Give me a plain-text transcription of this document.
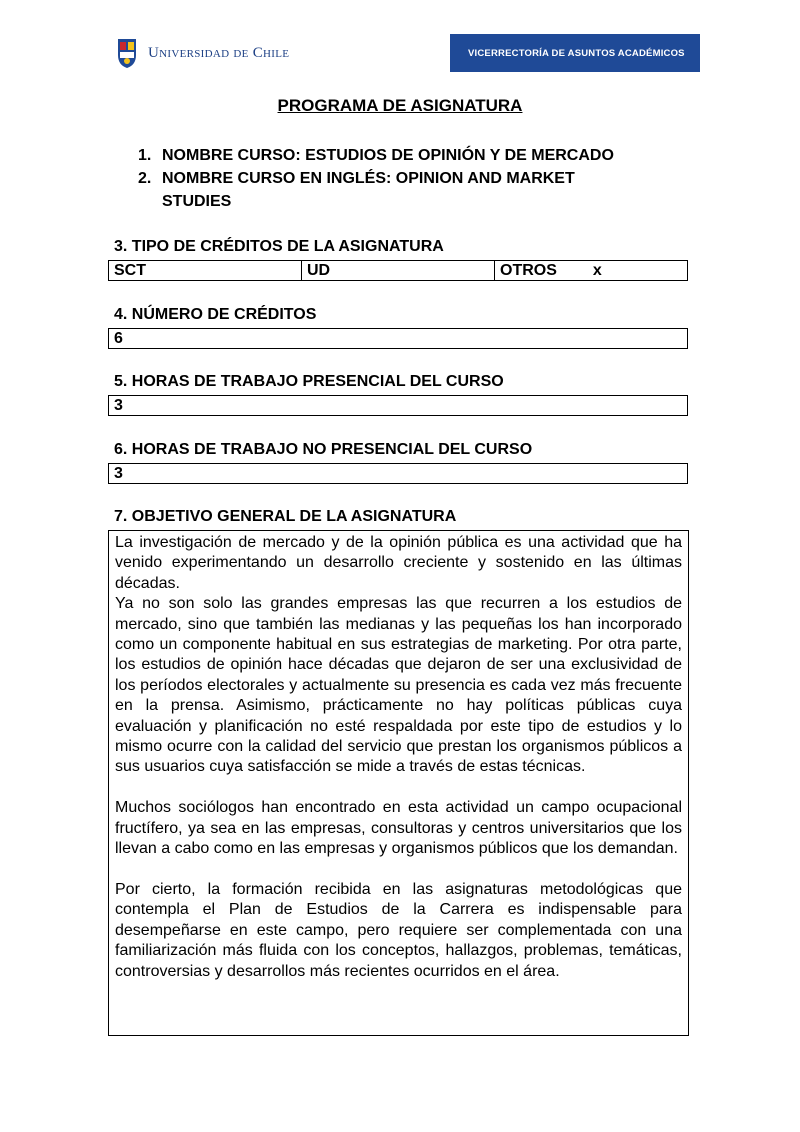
Universidad de Chile	VICERRECTORÍA DE ASUNTOS ACADÉMICOS
PROGRAMA DE ASIGNATURA
1. NOMBRE CURSO: ESTUDIOS DE OPINIÓN Y DE MERCADO
2. NOMBRE CURSO EN INGLÉS: OPINION AND MARKET STUDIES
3. TIPO DE CRÉDITOS DE LA ASIGNATURA
SCT	UD	OTROS x
4. NÚMERO DE CRÉDITOS
6
5. HORAS DE TRABAJO PRESENCIAL DEL CURSO
3
6. HORAS DE TRABAJO NO PRESENCIAL DEL CURSO
3
7. OBJETIVO GENERAL DE LA ASIGNATURA

La investigación de mercado y de la opinión pública es una actividad que ha venido experimentando un desarrollo creciente y sostenido en las últimas décadas.

Ya no son solo las grandes empresas las que recurren a los estudios de mercado, sino que también las medianas y las pequeñas los han incorporado como un componente habitual en sus estrategias de marketing. Por otra parte, los estudios de opinión hace décadas que dejaron de ser una exclusividad de los períodos electorales y actualmente su presencia es cada vez más frecuente en la prensa. Asimismo, prácticamente no hay políticas públicas cuya evaluación y planificación no esté respaldada por este tipo de estudios y lo mismo ocurre con la calidad del servicio que prestan los organismos públicos a sus usuarios cuya satisfacción se mide a través de estas técnicas.

Muchos sociólogos han encontrado en esta actividad un campo ocupacional fructífero, ya sea en las empresas, consultoras y centros universitarios que los llevan a cabo como en las empresas y organismos públicos que los demandan.

Por cierto, la formación recibida en las asignaturas metodológicas que contempla el Plan de Estudios de la Carrera es indispensable para desempeñarse en este campo, pero requiere ser complementada con una familiarización más fluida con los conceptos, hallazgos, problemas, temáticas, controversias y desarrollos más recientes ocurridos en el área.
